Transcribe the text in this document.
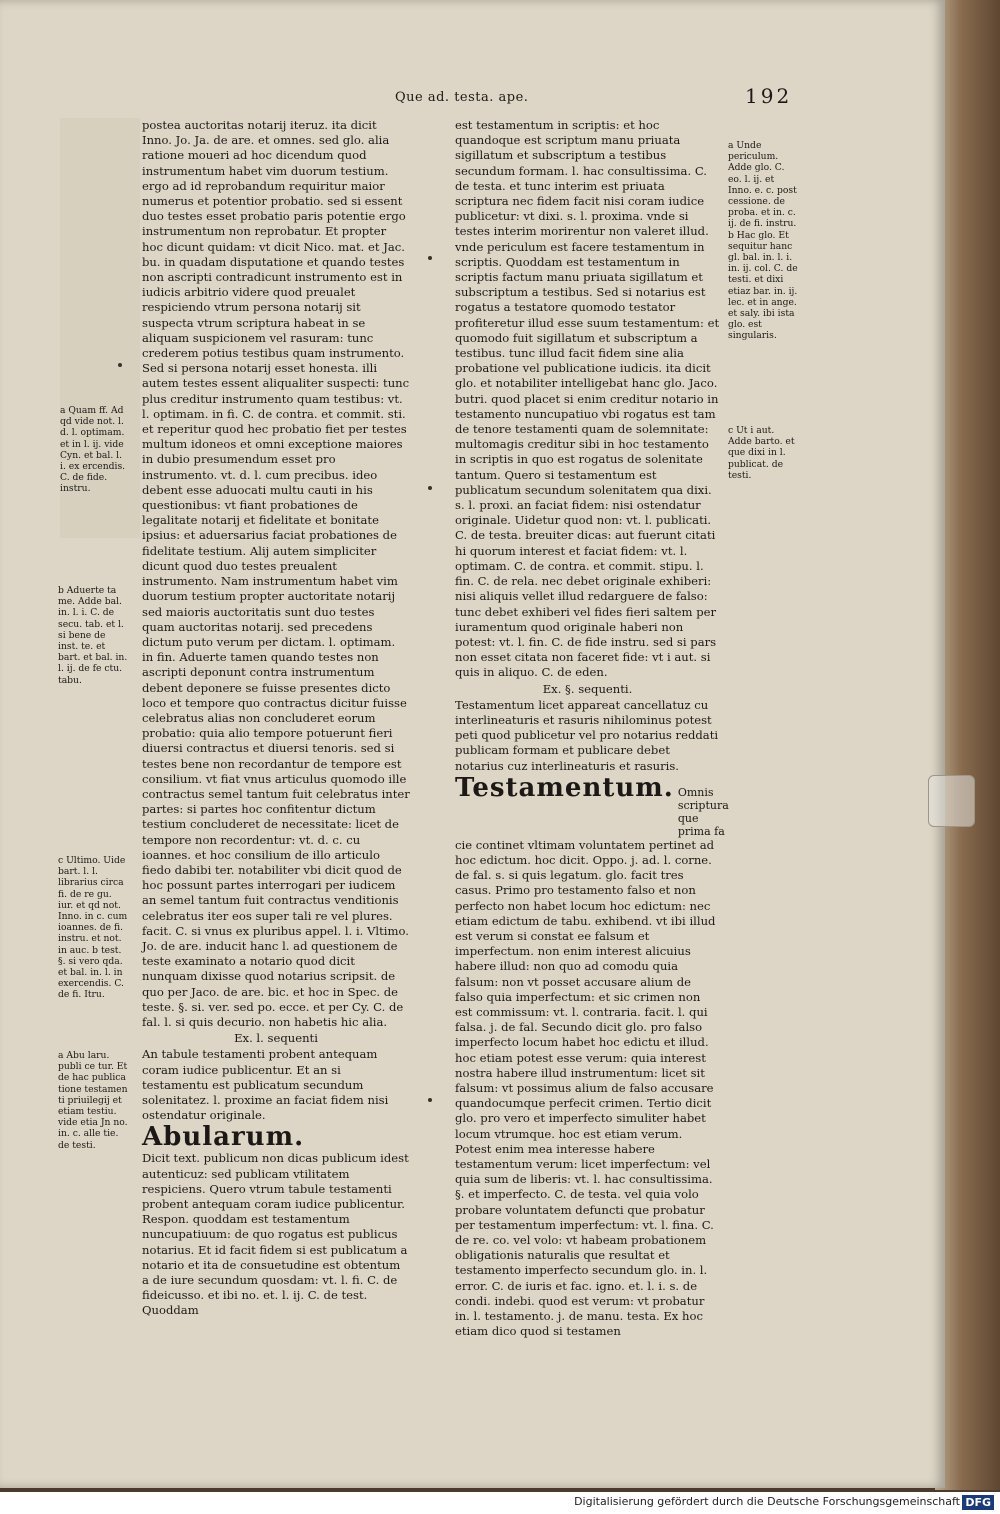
Que ad. testa. ape.	192

postea auctoritas notarij iteruz. ita dicit Inno. Jo. Ja. de are. et omnes. sed glo. alia ratione moueri ad hoc dicendum quod instrumentum habet vim duorum testium. ergo ad id reprobandum requiritur maior numerus et potentior probatio. sed si essent duo testes esset probatio paris potentie ergo instrumentum non reprobatur. Et propter hoc dicunt quidam: vt dicit Nico. mat. et Jac. bu. in quadam disputatione et quando testes non ascripti contradicunt instrumento est in iudicis arbitrio videre quod preualet respiciendo vtrum persona notarij sit suspecta vtrum scriptura habeat in se aliquam suspicionem vel rasuram: tunc crederem potius testibus quam instrumento. Sed si persona notarij esset honesta. illi autem testes essent aliqualiter suspecti: tunc plus creditur instrumento quam testibus: vt. l. optimam. in fi. C. de contra. et commit. sti. et reperitur quod hec probatio fiet per testes multum idoneos et omni exceptione maiores in dubio presumendum esset pro instrumento. vt. d. l. cum precibus. ideo debent esse aduocati multu cauti in his questionibus: vt fiant probationes de legalitate notarij et fidelitate et bonitate ipsius: et aduersarius faciat probationes de fidelitate testium. Alij autem simpliciter dicunt quod duo testes preualent instrumento. Nam instrumentum habet vim duorum testium propter auctoritate notarij sed maioris auctoritatis sunt duo testes quam auctoritas notarij. sed precedens dictum puto verum per dictam. l. optimam. in fin. Aduerte tamen quando testes non ascripti deponunt contra instrumentum debent deponere se fuisse presentes dicto loco et tempore quo contractus dicitur fuisse celebratus alias non concluderet eorum probatio: quia alio tempore potuerunt fieri diuersi contractus et diuersi tenoris. sed si testes bene non recordantur de tempore est consilium. vt fiat vnus articulus quomodo ille contractus semel tantum fuit celebratus inter partes: si partes hoc confitentur dictum testium concluderet de necessitate: licet de tempore non recordentur: vt. d. c. cu ioannes. et hoc consilium de illo articulo fiedo dabibi ter. notabiliter vbi dicit quod de hoc possunt partes interrogari per iudicem an semel tantum fuit contractus venditionis celebratus iter eos super tali re vel plures. facit. C. si vnus ex pluribus appel. l. i. Vltimo. Jo. de are. inducit hanc l. ad questionem de teste examinato a notario quod dicit nunquam dixisse quod notarius scripsit. de quo per Jaco. de are. bic. et hoc in Spec. de teste. §. si. ver. sed po. ecce. et per Cy. C. de fal. l. si quis decurio. non habetis hic alia.

Ex. l. sequenti

An tabule testamenti probent antequam coram iudice publicentur. Et an si testamentu est publicatum secundum solenitatez. l. proxime an faciat fidem nisi ostendatur originale.

Abularum.

Dicit text. publicum non dicas publicum idest autenticuz: sed publicam vtilitatem respiciens. Quero vtrum tabule testamenti probent antequam coram iudice publicentur. Respon. quoddam est testamentum nuncupatiuum: de quo rogatus est publicus notarius. Et id facit fidem si est publicatum a notario et ita de consuetudine est obtentum a de iure secundum quosdam: vt. l. fi. C. de fideicusso. et ibi no. et. l. ij. C. de test. Quoddam

est testamentum in scriptis: et hoc quandoque est scriptum manu priuata sigillatum et subscriptum a testibus secundum formam. l. hac consultissima. C. de testa. et tunc interim est priuata scriptura nec fidem facit nisi coram iudice publicetur: vt dixi. s. l. proxima. vnde si testes interim morirentur non valeret illud. vnde periculum est facere testamentum in scriptis. Quoddam est testamentum in scriptis factum manu priuata sigillatum et subscriptum a testibus. Sed si notarius est rogatus a testatore quomodo testator profiteretur illud esse suum testamentum: et quomodo fuit sigillatum et subscriptum a testibus. tunc illud facit fidem sine alia probatione vel publicatione iudicis. ita dicit glo. et notabiliter intelligebat hanc glo. Jaco. butri. quod placet si enim creditur notario in testamento nuncupatiuo vbi rogatus est tam de tenore testamenti quam de solemnitate: multomagis creditur sibi in hoc testamento in scriptis in quo est rogatus de solenitate tantum. Quero si testamentum est publicatum secundum solenitatem qua dixi. s. l. proxi. an faciat fidem: nisi ostendatur originale. Uidetur quod non: vt. l. publicati. C. de testa. breuiter dicas: aut fuerunt citati hi quorum interest et faciat fidem: vt. l. optimam. C. de contra. et commit. stipu. l. fin. C. de rela. nec debet originale exhiberi: nisi aliquis vellet illud redarguere de falso: tunc debet exhiberi vel fides fieri saltem per iuramentum quod originale haberi non potest: vt. l. fin. C. de fide instru. sed si pars non esset citata non faceret fide: vt i aut. si quis in aliquo. C. de eden.

Ex. §. sequenti.

Testamentum licet appareat cancellatuz cu interlineaturis et rasuris nihilominus potest peti quod publicetur vel pro notarius reddati publicam formam et publicare debet notarius cuz interlineaturis et rasuris.

Testamentum. Omnis scriptura que prima fa

cie continet vltimam voluntatem pertinet ad hoc edictum. hoc dicit. Oppo. j. ad. l. corne. de fal. s. si quis legatum. glo. facit tres casus. Primo pro testamento falso et non perfecto non habet locum hoc edictum: nec etiam edictum de tabu. exhibend. vt ibi illud est verum si constat ee falsum et imperfectum. non enim interest alicuius habere illud: non quo ad comodu quia falsum: non vt posset accusare alium de falso quia imperfectum: et sic crimen non est commissum: vt. l. contraria. facit. l. qui falsa. j. de fal. Secundo dicit glo. pro falso imperfecto locum habet hoc edictu et illud. hoc etiam potest esse verum: quia interest nostra habere illud instrumentum: licet sit falsum: vt possimus alium de falso accusare quandocumque perfecit crimen. Tertio dicit glo. pro vero et imperfecto simuliter habet locum vtrumque. hoc est etiam verum. Potest enim mea interesse habere testamentum verum: licet imperfectum: vel quia sum de liberis: vt. l. hac consultissima. §. et imperfecto. C. de testa. vel quia volo probare voluntatem defuncti que probatur per testamentum imperfectum: vt. l. fina. C. de re. co. vel volo: vt habeam probationem obligationis naturalis que resultat et testamento imperfecto secundum glo. in. l. error. C. de iuris et fac. igno. et. l. i. s. de condi. indebi. quod est verum: vt probatur in. l. testamento. j. de manu. testa. Ex hoc etiam dico quod si testamen

a Unde periculum. Adde glo. C. eo. l. ij. et Inno. e. c. post cessione. de proba. et in. c. ij. de fi. instru. b Hac glo. Et sequitur hanc gl. bal. in. l. i. in. ij. col. C. de testi. et dixi etiaz bar. in. ij. lec. et in ange. et saly. ibi ista glo. est singularis.

c Ut i aut. Adde barto. et que dixi in l. publicat. de testi.

a Quam ff. Ad qd vide not. l. d. l. optimam. et in l. ij. vide Cyn. et bal. l. i. ex ercendis. C. de fide. instru.

b Aduerte ta me. Adde bal. in. l. i. C. de secu. tab. et l. si bene de inst. te. et bart. et bal. in. l. ij. de fe ctu. tabu.

c Ultimo. Uide bart. l. l. librarius circa fi. de re gu. iur. et qd not. Inno. in c. cum ioannes. de fi. instru. et not. in auc. b test. §. si vero qda. et bal. in. l. in exercendis. C. de fi. Itru.

a Abu laru. publi ce tur. Et de hac publica tione testamen ti priuilegij et etiam testiu. vide etia Jn no. in. c. alle tie. de testi.

Digitalisierung gefördert durch die Deutsche Forschungsgemeinschaft DFG
